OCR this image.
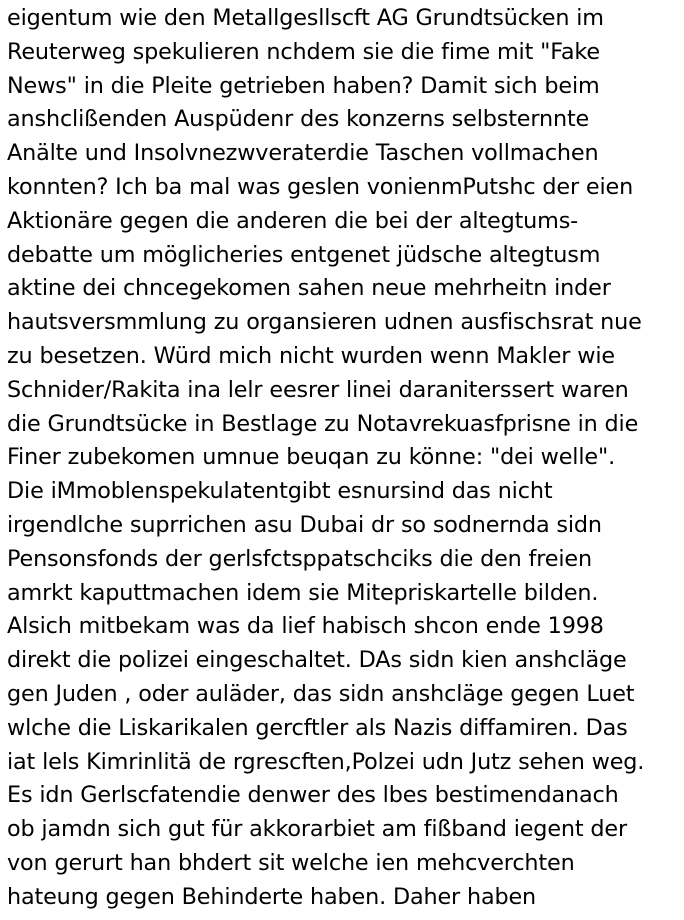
eigentum wie den Metallgesllscft AG Grundtsücken im
Reuterweg spekulieren nchdem sie die fime mit "Fake
News" in die Pleite getrieben haben? Damit sich beim
anshclißenden Auspüdenr des konzerns selbsternnte
Anälte und Insolvnezwveraterdie Taschen vollmachen
konnten? Ich ba mal was geslen vonienmPutshc der eien
Aktionäre gegen die anderen die bei der altegtums-
debatte um möglicheries entgenet jüdsche altegtusm
aktine dei chncegekomen sahen neue mehrheitn inder
hautsversmmlung zu organsieren udnen ausfischsrat nue
zu besetzen. Würd mich nicht wurden wenn Makler wie
Schnider/Rakita ina lelr eesrer linei daraniterssert waren
die Grundtsücke in Bestlage zu Notavrekuasfprisne in die
Finer zubekomen umnue beuqan zu könne: "dei welle".
Die iMmoblenspekulatentgibt esnursind das nicht
irgendlche suprrichen asu Dubai dr so sodnernda sidn
Pensonsfonds der gerlsfctsppatschciks die den freien
amrkt kaputtmachen idem sie Mitepriskartelle bilden.
Alsich mitbekam was da lief habisch shcon ende 1998
direkt die polizei eingeschaltet. DAs sidn kien anshcläge
gen Juden , oder auläder, das sidn anshcläge gegen Luet
wlche die Liskarikalen gercftler als Nazis diffamiren. Das
iat lels Kimrinlitä de rgrescften,Polzei udn Jutz sehen weg.
Es idn Gerlscfatendie denwer des lbes bestimendanach
ob jamdn sich gut für akkorarbiet am fißband iegent der
von gerurt han bhdert sit welche ien mehcverchten
hateung gegen Behinderte haben. Daher haben
